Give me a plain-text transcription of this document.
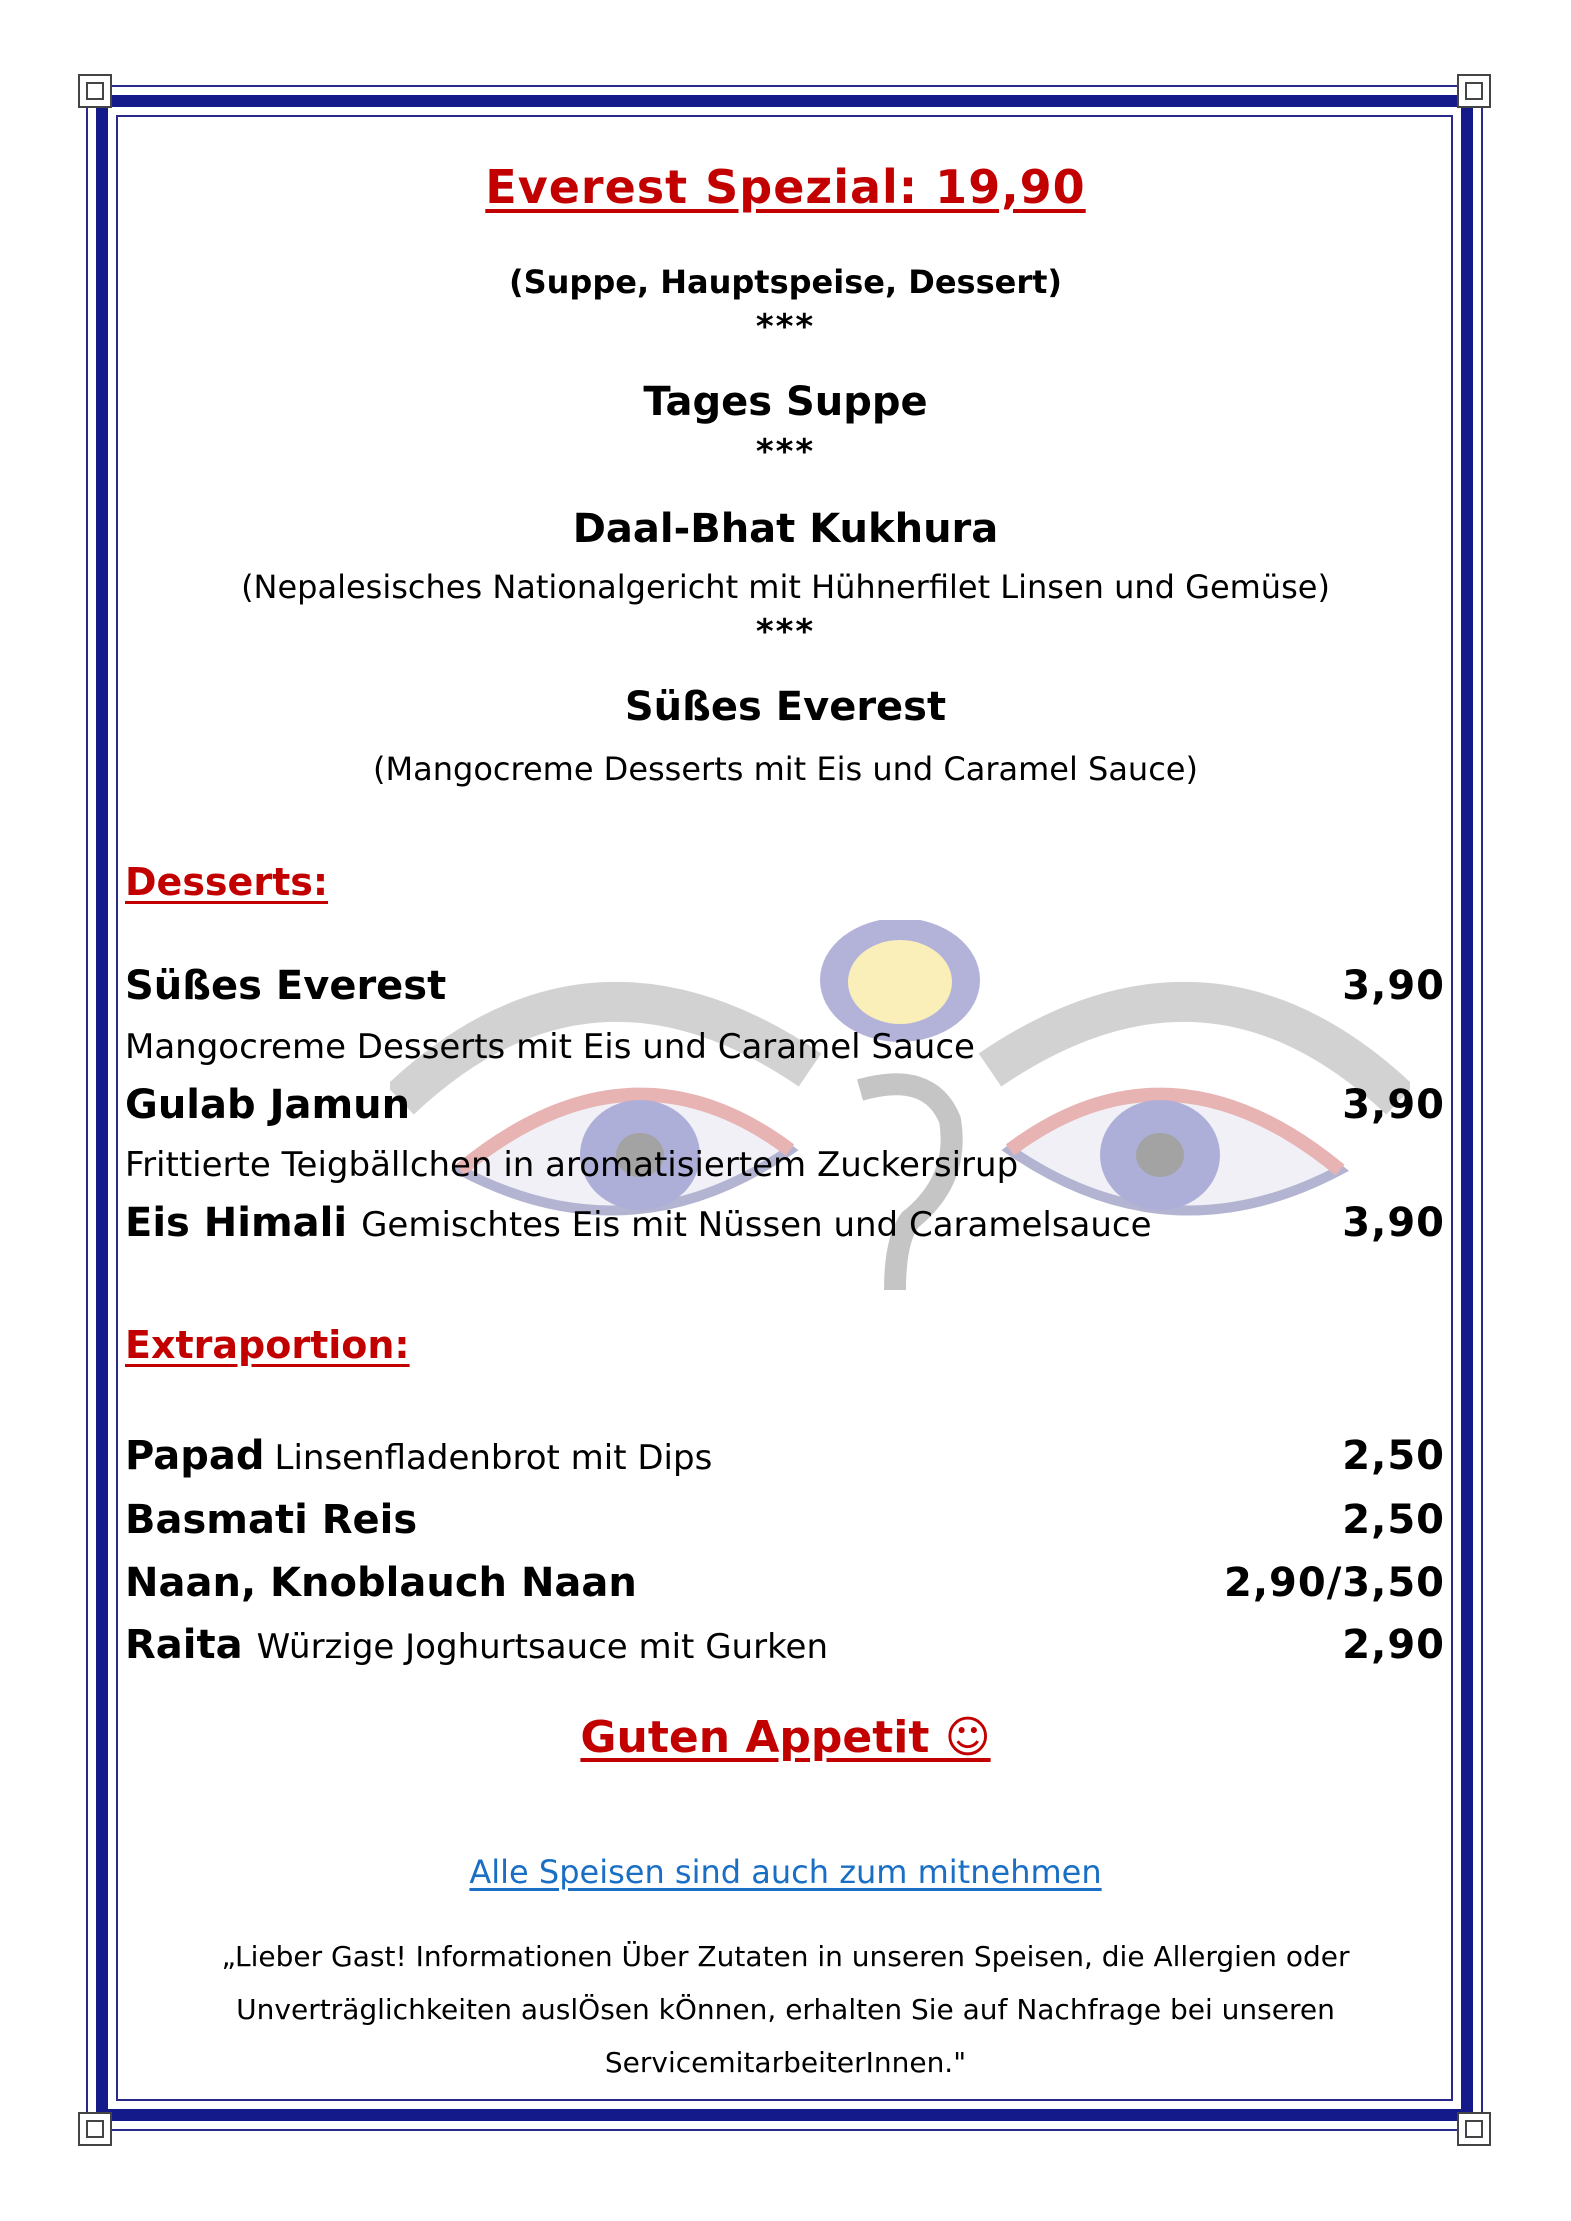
Everest Spezial: 19,90
(Suppe, Hauptspeise, Dessert)
***
Tages Suppe
***
Daal-Bhat Kukhura
(Nepalesisches Nationalgericht mit Hühnerfilet Linsen und Gemüse)
***
Süßes Everest
(Mangocreme Desserts mit Eis und Caramel Sauce)
Desserts:
Süßes Everest	3,90
Mangocreme Desserts mit Eis und Caramel Sauce
Gulab Jamun	3,90
Frittierte Teigbällchen in aromatisiertem Zuckersirup
Eis Himali Gemischtes Eis mit Nüssen und Caramelsauce	3,90
Extraportion:
Papad Linsenfladenbrot mit Dips	2,50
Basmati Reis	2,50
Naan, Knoblauch Naan	2,90/3,50
Raita Würzige Joghurtsauce mit Gurken	2,90
Guten Appetit ☺
Alle Speisen sind auch zum mitnehmen
„Lieber Gast! Informationen Über Zutaten in unseren Speisen, die Allergien oder
Unverträglichkeiten auslÖsen kÖnnen, erhalten Sie auf Nachfrage bei unseren
ServicemitarbeiterInnen."
